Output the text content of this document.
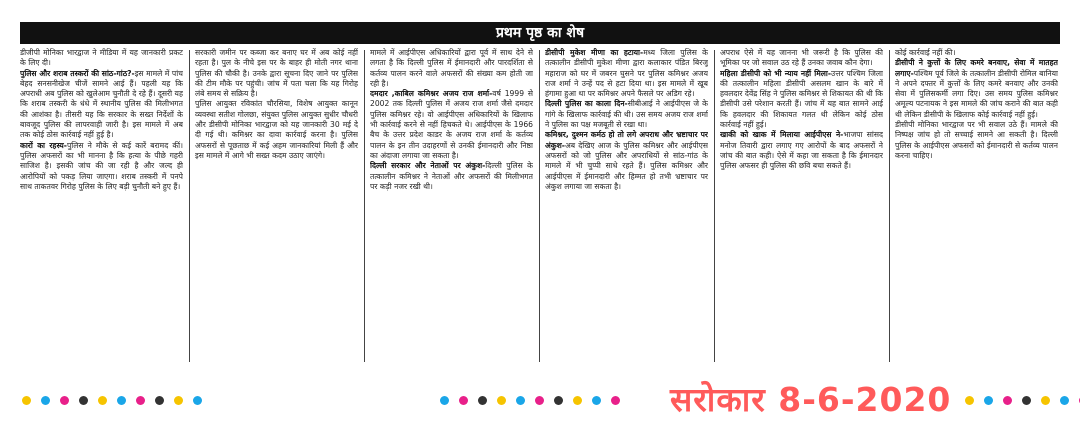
प्रथम पृष्ठ का शेष

डीजीपी मोनिका भारद्वाज ने मीडिया में यह जानकारी प्रकट के लिए दी।

पुलिस और शराब तस्करों की सांठ-गांठ?-इस मामले में पांच बेहद सनसनीखेज चीजें सामने आई हैं। पहली यह कि अपराधी अब पुलिस को खुलेआम चुनौती दे रहे हैं। दूसरी यह कि शराब तस्करी के धंधे में स्थानीय पुलिस की मिलीभगत की आशंका है। तीसरी यह कि सरकार के सख्त निर्देशों के बावजूद पुलिस की लापरवाही जारी है। इस मामले में अब तक कोई ठोस कार्रवाई नहीं हुई है।

कारों का रहस्य-पुलिस ने मौके से कई कारें बरामद कीं। पुलिस अफसरों का भी मानना है कि हत्या के पीछे गहरी साजिश है। इसकी जांच की जा रही है और जल्द ही आरोपियों को पकड़ लिया जाएगा। शराब तस्करी में पनपे साथ ताकतवर गिरोह पुलिस के लिए बड़ी चुनौती बने हुए हैं।

सरकारी जमीन पर कब्जा कर बनाए घर में अब कोई नहीं रहता है। पुल के नीचे इस पर के बाहर ही मोती नगर थाना पुलिस की चौकी है। उनके द्वारा सूचना दिए जाने पर पुलिस की टीम मौके पर पहुंची। जांच में पता चला कि यह गिरोह लंबे समय से सक्रिय है।

पुलिस आयुक्त रविकांत चौरसिया, विशेष आयुक्त कानून व्यवस्था सतीश गोलछा, संयुक्त पुलिस आयुक्त सुधीर चौधरी और डीसीपी मोनिका भारद्वाज को यह जानकारी 30 मई दे दी गई थी। कमिश्नर का दावा कार्रवाई करना है। पुलिस अफसरों से पूछताछ में कई अहम जानकारियां मिली हैं और इस मामले में आगे भी सख्त कदम उठाए जाएंगे।

मामले में आईपीएस अधिकारियों द्वारा पूर्व में साथ देने से लगता है कि दिल्ली पुलिस में ईमानदारी और पारदर्शिता से कर्तव्य पालन करने वाले अफसरों की संख्या कम होती जा रही है।

दमदार ,काबिल कमिश्नर अजय राज शर्मा-वर्ष 1999 से 2002 तक दिल्ली पुलिस में अजय राज शर्मा जैसे दमदार पुलिस कमिश्नर रहे। वो आईपीएस अधिकारियों के खिलाफ भी कार्रवाई करने से नहीं हिचकते थे। आईपीएस के 1966 बैच के उत्तर प्रदेश काडर के अजय राज शर्मा के कर्तव्य पालन के इन तीन उदाहरणों से उनकी ईमानदारी और निष्ठा का अंदाजा लगाया जा सकता है।

दिल्ली सरकार और नेताओं पर अंकुश-दिल्ली पुलिस के तत्कालीन कमिश्नर ने नेताओं और अफसरों की मिलीभगत पर कड़ी नजर रखी थी।

डीसीपी मुकेश मीणा का हटाया-मध्य जिला पुलिस के तत्कालीन डीसीपी मुकेश मीणा द्वारा कलाकार पंडित बिरजू महाराज को घर में जबरन घुसने पर पुलिस कमिश्नर अजय राज शर्मा ने उन्हें पद से हटा दिया था। इस मामले में खूब हंगामा हुआ था पर कमिश्नर अपने फैसले पर अडिग रहे।

दिल्ली पुलिस का काला दिन-सीबीआई ने आईपीएस जे के गांगे के खिलाफ कार्रवाई की थी। उस समय अजय राज शर्मा ने पुलिस का पक्ष मजबूती से रखा था।

कमिश्नर, दुश्मन कर्मठ हो तो लगे अपराध और भ्रष्टाचार पर अंकुश-अब देखिए आज के पुलिस कमिश्नर और आईपीएस अफसरों को जो पुलिस और अपराधियों से सांठ-गांठ के मामले में भी चुप्पी साधे रहते हैं। पुलिस कमिश्नर और आईपीएस में ईमानदारी और हिम्मत हो तभी भ्रष्टाचार पर अंकुश लगाया जा सकता है।

अपराध ऐसे में यह जानना भी जरूरी है कि पुलिस की भूमिका पर जो सवाल उठ रहे हैं उनका जवाब कौन देगा।

महिला डीसीपी को भी न्याय नहीं मिला-उत्तर पश्चिम जिला की तत्कालीन महिला डीसीपी असलम खान के बारे में हवलदार देवेंद्र सिंह ने पुलिस कमिश्नर से शिकायत की थी कि डीसीपी उसे परेशान करती हैं। जांच में यह बात सामने आई कि हवलदार की शिकायत गलत थी लेकिन कोई ठोस कार्रवाई नहीं हुई।

खाकी को खाक में मिलाया आईपीएस ने-भाजपा सांसद मनोज तिवारी द्वारा लगाए गए आरोपों के बाद अफसरों ने जांच की बात कही। ऐसे में कहा जा सकता है कि ईमानदार पुलिस अफसर ही पुलिस की छवि बचा सकते हैं।

कोई कार्रवाई नहीं की।

डीसीपी ने कुत्तों के लिए कमरे बनवाए, सेवा में मातहत लगाए-पश्चिम पूर्व जिले के तत्कालीन डीसीपी रोमिल बानिया ने अपने दफ्तर में कुत्तों के लिए कमरे बनवाए और उनकी सेवा में पुलिसकर्मी लगा दिए। उस समय पुलिस कमिश्नर अमूल्य पटनायक ने इस मामले की जांच कराने की बात कही थी लेकिन डीसीपी के खिलाफ कोई कार्रवाई नहीं हुई।

डीसीपी मोनिका भारद्वाज पर भी सवाल उठे हैं। मामले की निष्पक्ष जांच हो तो सच्चाई सामने आ सकती है। दिल्ली पुलिस के आईपीएस अफसरों को ईमानदारी से कर्तव्य पालन करना चाहिए।

सरोकार 8-6-2020
